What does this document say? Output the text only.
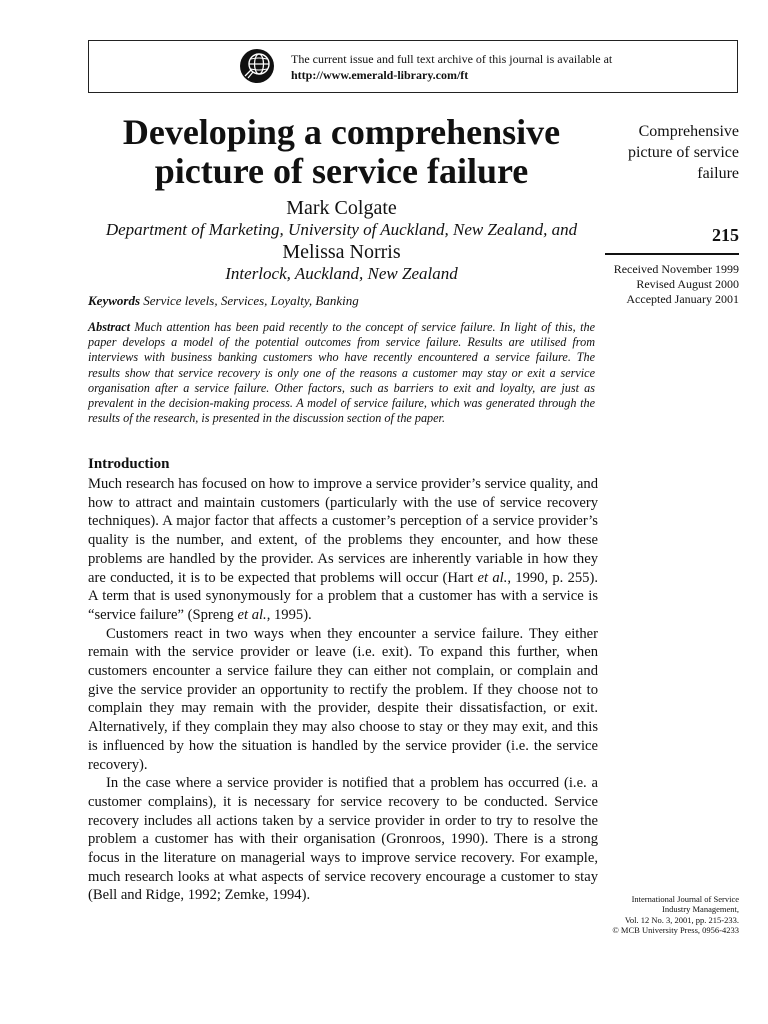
The current issue and full text archive of this journal is available at
http://www.emerald-library.com/ft
Developing a comprehensive
picture of service failure
Mark Colgate
Department of Marketing, University of Auckland, New Zealand, and
Melissa Norris
Interlock, Auckland, New Zealand
Keywords Service levels, Services, Loyalty, Banking

Abstract Much attention has been paid recently to the concept of service failure. In light of this, the paper develops a model of the potential outcomes from service failure. Results are utilised from interviews with business banking customers who have recently encountered a service failure. The results show that service recovery is only one of the reasons a customer may stay or exit a service organisation after a service failure. Other factors, such as barriers to exit and loyalty, are just as prevalent in the decision-making process. A model of service failure, which was generated through the results of the research, is presented in the discussion section of the paper.

Introduction

Much research has focused on how to improve a service provider’s service quality, and how to attract and maintain customers (particularly with the use of service recovery techniques). A major factor that affects a customer’s perception of a service provider’s quality is the number, and extent, of the problems they encounter, and how these problems are handled by the provider. As services are inherently variable in how they are conducted, it is to be expected that problems will occur (Hart et al., 1990, p. 255). A term that is used synonymously for a problem that a customer has with a service is “service failure” (Spreng et al., 1995).

Customers react in two ways when they encounter a service failure. They either remain with the service provider or leave (i.e. exit). To expand this further, when customers encounter a service failure they can either not complain, or complain and give the service provider an opportunity to rectify the problem. If they choose not to complain they may remain with the provider, despite their dissatisfaction, or exit. Alternatively, if they complain they may also choose to stay or they may exit, and this is influenced by how the situation is handled by the service provider (i.e. the service recovery).

In the case where a service provider is notified that a problem has occurred (i.e. a customer complains), it is necessary for service recovery to be conducted. Service recovery includes all actions taken by a service provider in order to try to resolve the problem a customer has with their organisation (Gronroos, 1990). There is a strong focus in the literature on managerial ways to improve service recovery. For example, much research looks at what aspects of service recovery encourage a customer to stay (Bell and Ridge, 1992; Zemke, 1994).

Comprehensive
picture of service
failure
215
Received November 1999
Revised August 2000
Accepted January 2001
International Journal of Service
Industry Management,
Vol. 12 No. 3, 2001, pp. 215-233.
© MCB University Press, 0956-4233
